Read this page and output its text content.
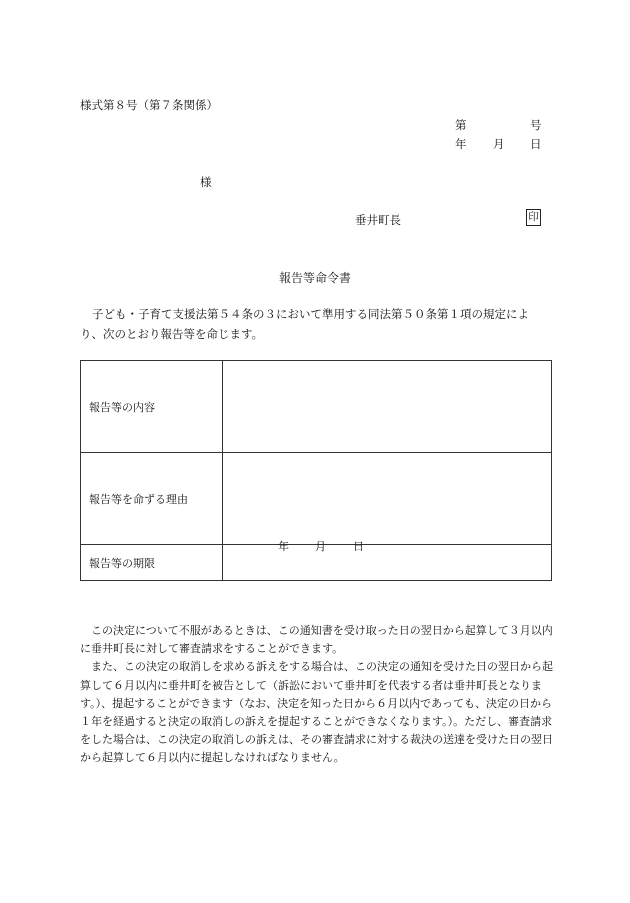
様式第８号（第７条関係）
第	号
年 月 日
様
垂井町長	印
報告等命令書
子ども・子育て支援法第５４条の３において準用する同法第５０条第１項の規定により、次のとおり報告等を命じます。
報告等の内容	
報告等を命ずる理由	
報告等の期限	年 月 日

この決定について不服があるときは、この通知書を受け取った日の翌日から起算して３月以内に垂井町長に対して審査請求をすることができます。

また、この決定の取消しを求める訴えをする場合は、この決定の通知を受けた日の翌日から起算して６月以内に垂井町を被告として（訴訟において垂井町を代表する者は垂井町長となります。）、提起することができます（なお、決定を知った日から６月以内であっても、決定の日から１年を経過すると決定の取消しの訴えを提起することができなくなります。）。ただし、審査請求をした場合は、この決定の取消しの訴えは、その審査請求に対する裁決の送達を受けた日の翌日から起算して６月以内に提起しなければなりません。
